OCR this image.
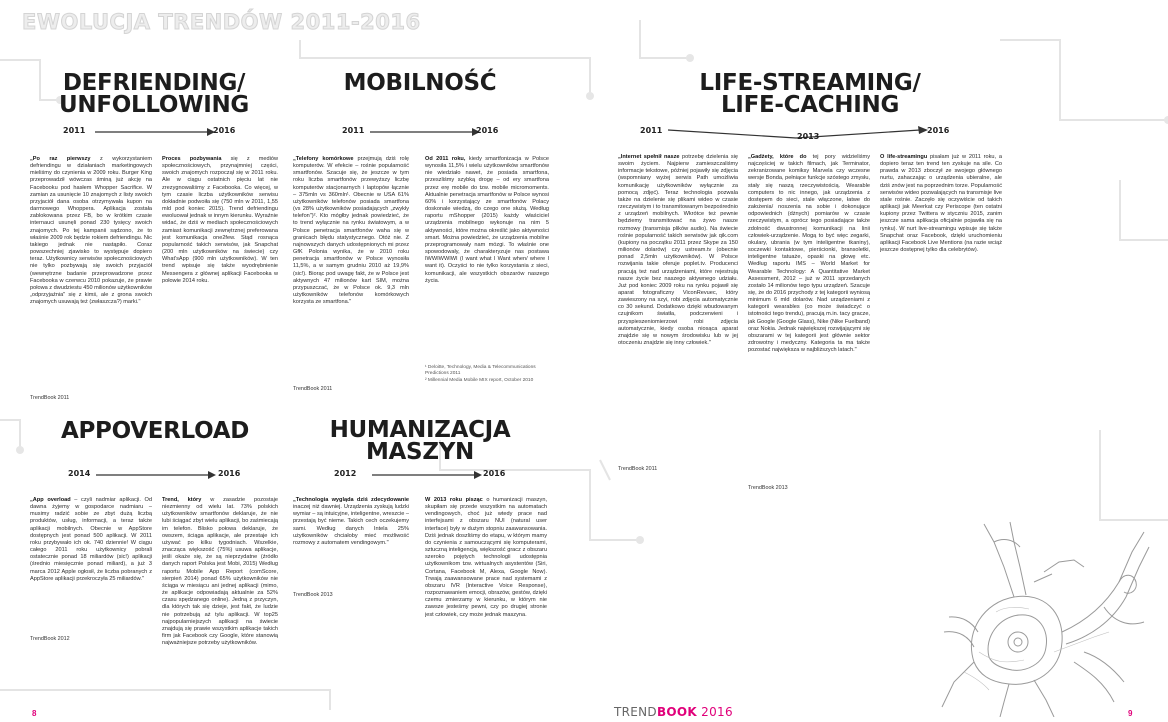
EWOLUCJA TRENDÓW 2011-2016
DEFRIENDING/
UNFOLLOWING
2011	2016
„Po raz pierwszy z wykorzystaniem defriendingu w działaniach marketingowych mieliśmy do czynienia w 2009 roku. Burger King przeprowadził wówczas śminą już akcję na Facebooku pod hasłem Whopper Sacrifice. W zamian za usunięcie 10 znajomych z listy swoich przyjaciół dana osoba otrzymywała kupon na darmowego Whoppera. Aplikacja została zablokowana przez FB, bo w krótkim czasie internauci usunęli ponad 230 tysięcy swoich znajomych. Po tej kampanii sądzono, że to właśnie 2009 rok będzie rokiem defriendingu. Nic takiego jednak nie nastąpiło. Coraz powszechniej zjawisko to występuje dopiero teraz. Użytkownicy serwisów społecznościowych nie tylko pozbywają się swoich przyjaciół (wewnętrzne badanie przeprowadzone przez Facebooka w czerwcu 2010 pokazuje, że prawie połowa z dwudziestu 450 milionów użytkowników „odprzyjaźnia" się z kimś, ale z grona swoich znajomych usuwają też (zwłaszcza?) marki."
TrendBook 2011
Proces pozbywania się z mediów społecznościowych, przynajmniej części, swoich znajomych rozpoczął się w 2011 roku. Ale w ciągu ostatnich pięciu lat nie zrezygnowaliśmy z Facebooka. Co więcej, w tym czasie liczba użytkowników serwisu dokładnie podwoiła się (750 mln w 2011, 1,55 mld pod koniec 2015). Trend defriendingu ewoluował jednak w innym kierunku. Wyraźnie widać, że dziś w mediach społecznościowych zamiast komunikacji zewnętrznej preferowana jest komunikacja one2few. Stąd rosnąca popularność takich serwisów, jak Snapchat (200 mln użytkowników na świecie) czy What'sApp (900 mln użytkowników). W ten trend wpisuje się także wyodrębnienie Messengera z głównej aplikacji Facebooka w połowie 2014 roku.
MOBILNOŚĆ
2011	2016
„Telefony komórkowe przejmują dziś rolę komputerów. W efekcie – rośnie popularność smartfonów. Szacuje się, że jeszcze w tym roku liczba smartfonów przewyższy liczbę komputerów stacjonarnych i laptopów łącznie – 375mln vs 360mln¹. Obecnie w USA 61% użytkowników telefonów posiada smartfona (vs 28% użytkowników posiadających „zwykły telefon")². Kto mógłby jednak powiedzieć, że to trend wyłącznie na rynku światowym, a w Polsce penetracja smartfonów waha się w granicach błędu statystycznego. Otóż nie. Z najnowszych danych udostępnionych mi przez GfK Polonia wynika, że w 2010 roku penetracja smartfonów w Polsce wynosiła 11,5%, a w samym grudniu 2010 aż 19,9% (sic!). Biorąc pod uwagę fakt, że w Polsce jest aktywnych 47 milionów kart SIM, można przypuszczać, że w Polsce ok. 9,3 mln użytkowników telefonów komórkowych korzysta ze smartfona."
TrendBook 2011
Od 2011 roku, kiedy smartfonizacja w Polsce wynosiła 11,5% i wielu użytkowników smartfonów nie wiedziało nawet, że posiada smartfona, przeszliśmy szybką drogę – od ery smartfona przez erę mobile do tzw. mobile micromoments. Aktualnie penetracja smartfonów w Polsce wynosi 60% i korzystający ze smartfonów Polacy doskonale wiedzą, do czego one służą. Według raportu mShopper (2015) każdy właściciel urządzenia mobilnego wykonuje na nim 5 aktywności, które można określić jako aktywności smart. Można powiedzieć, że urządzenia mobilne przeprogramowały nam mózgi. To właśnie one spowodowały, że charakteryzuje nas postawa IWWIWWIWI (I want what I Want when/ where I want it). Oczyści to nie tylko korzystania z sieci, komunikacji, ale wszystkich obszarów naszego życia.
¹ Deloitte, Technology, Media & Telecommunications Predictions 2011
² Millennial Media Mobile MIX report, October 2010
LIFE-STREAMING/
LIFE-CACHING
2011
2013
2016
„Internet spełnił nasze potrzebę dzielenia się swoim życiem. Najpierw zamieszczaliśmy informacje tekstowe, później pojawiły się zdjęcia (wspomniany wyżej serwis Path umożliwia komunikację użytkowników wyłącznie za pomocą zdjęć). Teraz technologia pozwala także na dzielenie się plikami wideo w czasie rzeczywistym i to transmitowanym bezpośrednio z urządzeń mobilnych. Wkrótce też pewnie będziemy transmitować na żywo nasze rozmowy (transmisja plików audio). Na świecie rośnie popularność takich serwisów jak qik.com (kupiony na początku 2011 przez Skype za 150 milionów dolarów) czy ustream.tv (obecnie ponad 2,5mln użytkowników). W Polsce rozwijania takie oferuje poplet.tv. Producenci pracują też nad urządzeniami, które rejestrują nasze życie bez naszego aktywnego udziału. Już pod koniec 2009 roku na rynku pojawił się aparat fotograficzny ViconRevuec, który zawieszony na szyi, robi zdjęcia automatycznie co 30 sekund. Dodatkowo dzięki wbudowanym czujnikom światła, podczerwieni i przyspieszeniomierzowi robi zdjęcia automatycznie, kiedy osoba niosąca aparat znajdzie się w nowym środowisku lub w jej otoczeniu znajdzie się inny człowiek."
TrendBook 2011
„Gadżety, które do tej pory widzieliśmy najczęściej w takich filmach, jak Terminator, zekranizowane komiksy Marvela czy wczesne wersje Bonda, pełniące funkcje szóstego zmysłu, stały się naszą rzeczywistością. Wearable computers to nic innego, jak urządzenia z dostępem do sieci, stale włączone, łatwe do założenia/ noszenia na sobie i dokonujące odpowiednich (dżnych) pomiarów w czasie rzeczywistym, a oprócz tego posiadające także zdolność dwustronnej komunikacji na linii człowiek-urządzenie. Mogą to być więc zegarki, okulary, ubrania (w tym inteligentne tkaniny), soczewki kontaktowe, pierścionki, bransoletki, inteligentne tatuaże, opaski na głowę etc. Według raportu IMS – World Market for Wearable Technology: A Quantitative Market Assessment, 2012 – już w 2011 sprzedanych zostało 14 milionów tego typu urządzeń. Szacuje się, że do 2016 przychody z tej kategorii wyniosą minimum 6 mld dolarów. Nad urządzeniami z kategorii wearables (co może świadczyć o istotności tego trendu), pracują m.in. tacy gracze, jak Google (Google Glass), Nike (Nike Fuelband) oraz Nokia. Jednak największej rozwijającymi się obszarami w tej kategorii jest głównie sektor zdrowotny i medyczny. Kategoria ta ma także pozostać największa w najbliższych latach."
TrendBook 2013
O life-streamingu pisałam już w 2011 roku, a dopiero teraz ten trend ten zyskuje na sile. Co prawda w 2013 zboczył ze swojego głównego nurtu, zahaczając o urządzenia ubieralne, ale dziś znów jest na poprzednim torze. Popularność serwisów wideo pozwalających na transmisje live stale rośnie. Zaczęło się oczywiście od takich aplikacji jak Meerkat czy Periscope (ten ostatni kupiony przez Twittera w styczniu 2015, zanim jeszcze sama aplikacja oficjalnie pojawiła się na rynku). W nurt live-streamingu wpisuje się także Snapchat oraz Facebook, dzięki uruchomieniu aplikacji Facebook Live Mentions (na razie wciąż jeszcze dostępnej tylko dla celebrytów).
APPOVERLOAD
2014	2016
„App overload – czyli nadmiar aplikacji. Od dawna żyjemy w gospodarce nadmiaru – musimy radzić sobie ze zbyt dużą liczbą produktów, usług, informacji, a teraz także aplikacji mobilnych. Obecnie w AppStore dostępnych jest ponad 500 aplikacji. W 2011 roku przybywało ich ok. 740 dziennie! W ciągu całego 2011 roku użytkownicy pobrali ostatecznie ponad 18 miliardów (sic!) aplikacji (średnio miesięcznie ponad miliard), a już 3 marca 2012 Apple ogłosił, że liczba pobranych z AppStore aplikacji przekroczyła 25 miliardów."
TrendBook 2012
Trend, który w zasadzie pozostaje niezmienny od wielu lat. 73% polskich użytkowników smartfonów deklaruje, że nie lubi ściągać zbyt wielu aplikacji, bo zaśmiecają im telefon. Blisko połowa deklaruje, że owszem, ściąga aplikacje, ale przestaje ich używać po kilku tygodniach. Wszelkie, znacząca większość (75%) usuwa aplikacje, jeśli okaże się, że są nieprzydatne (źródło danych raport Polska jest Mobi, 2015) Według raportu Mobile App Report (comScore, sierpień 2014) ponad 65% użytkowników nie ściąga w miesiącu ani jednej aplikacji (mimo, że aplikacje odpowiadają aktualnie za 52% czasu spędzanego online). Jedną z przyczyn, dla których tak się dzieje, jest fakt, że ludzie nie potrzebują aż tylu aplikacji. W top25 najpopularniejszych aplikacji na świecie znajdują się prawie wszystkim aplikacje takich firm jak Facebook czy Google, które stanowią najważniejsze potrzeby użytkowników.
HUMANIZACJA
MASZYN
2012	2016
„Technologia wygląda dziś zdecydowanie inaczej niż dawniej. Urządzenia zyskują ludzki wymiar – są intuicyjne, inteligentne, wreszcie – przestają być nieme. Takich cech oczekujemy sami. Według danych Intela 25% użytkowników chciałoby mieć możliwość rozmowy z automatem vendingowym."
TrendBook 2013
W 2013 roku pisząc o humanizacji maszyn, skupiłam się przede wszystkim na automatach vendingowych, choć już wtedy prace nad interfejsami z obszaru NUI (natural user interface) były w dużym stopniu zaawansowania. Dziś jednak doszliśmy do etapu, w którym mamy do czynienia z samouczącymi się komputerami, sztuczną inteligencją, większość gracz z obszaru szeroko pojętych technologii udostępnia użytkownikom tzw. wirtualnych asystentów (Siri, Cortana, Facebook M, Alexa, Google Now). Trwają zaawansowane prace nad systemami z obszaru IVR (Interactive Voice Response), rozpoznawaniem emocji, obrazów, gestów, dzięki czemu zmierzamy w kierunku, w którym nie zawsze jesteśmy pewni, czy po drugiej stronie jest człowiek, czy może jednak maszyna.
8	TRENDBOOK 2016	9
